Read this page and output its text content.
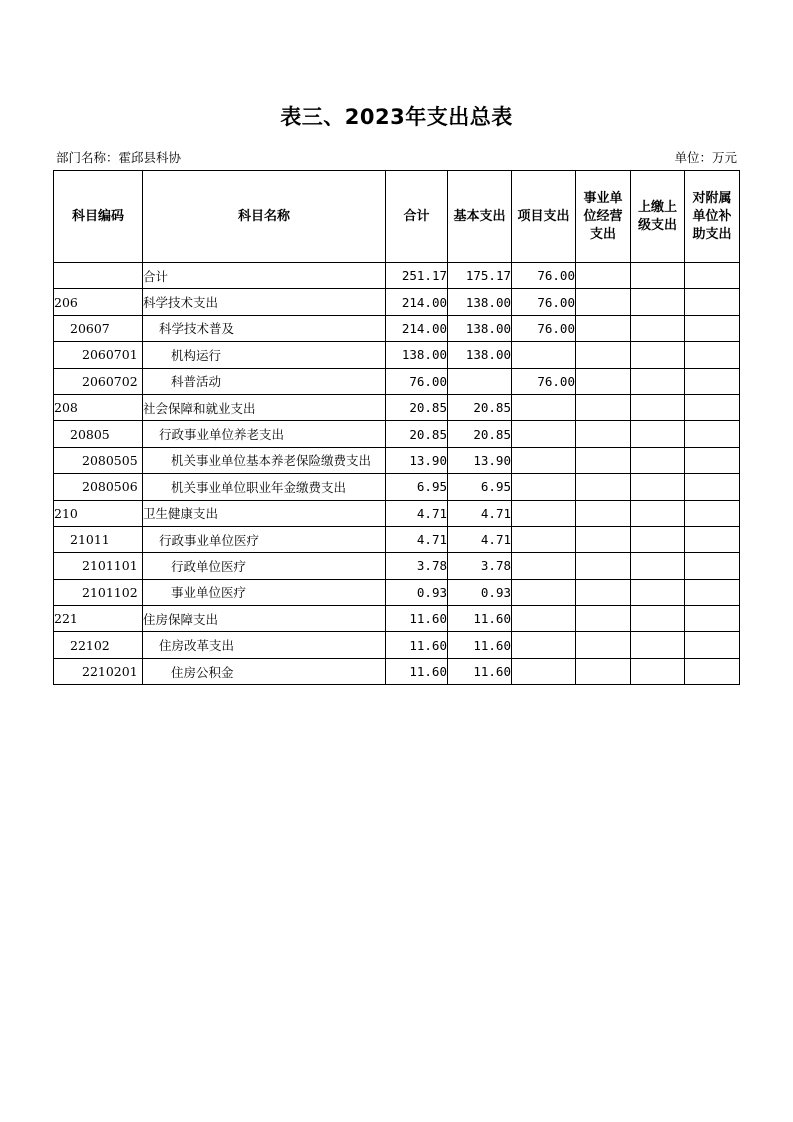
表三、2023年支出总表
部门名称：霍邱县科协	单位：万元
科目编码	科目名称	合计	基本支出	项目支出	事业单位经营支出	上缴上级支出	对附属单位补助支出
	合计	251.17	175.17	76.00			
206	科学技术支出	214.00	138.00	76.00			
20607	科学技术普及	214.00	138.00	76.00			
2060701	机构运行	138.00	138.00				
2060702	科普活动	76.00		76.00			
208	社会保障和就业支出	20.85	20.85				
20805	行政事业单位养老支出	20.85	20.85				
2080505	机关事业单位基本养老保险缴费支出	13.90	13.90				
2080506	机关事业单位职业年金缴费支出	6.95	6.95				
210	卫生健康支出	4.71	4.71				
21011	行政事业单位医疗	4.71	4.71				
2101101	行政单位医疗	3.78	3.78				
2101102	事业单位医疗	0.93	0.93				
221	住房保障支出	11.60	11.60				
22102	住房改革支出	11.60	11.60				
2210201	住房公积金	11.60	11.60				
